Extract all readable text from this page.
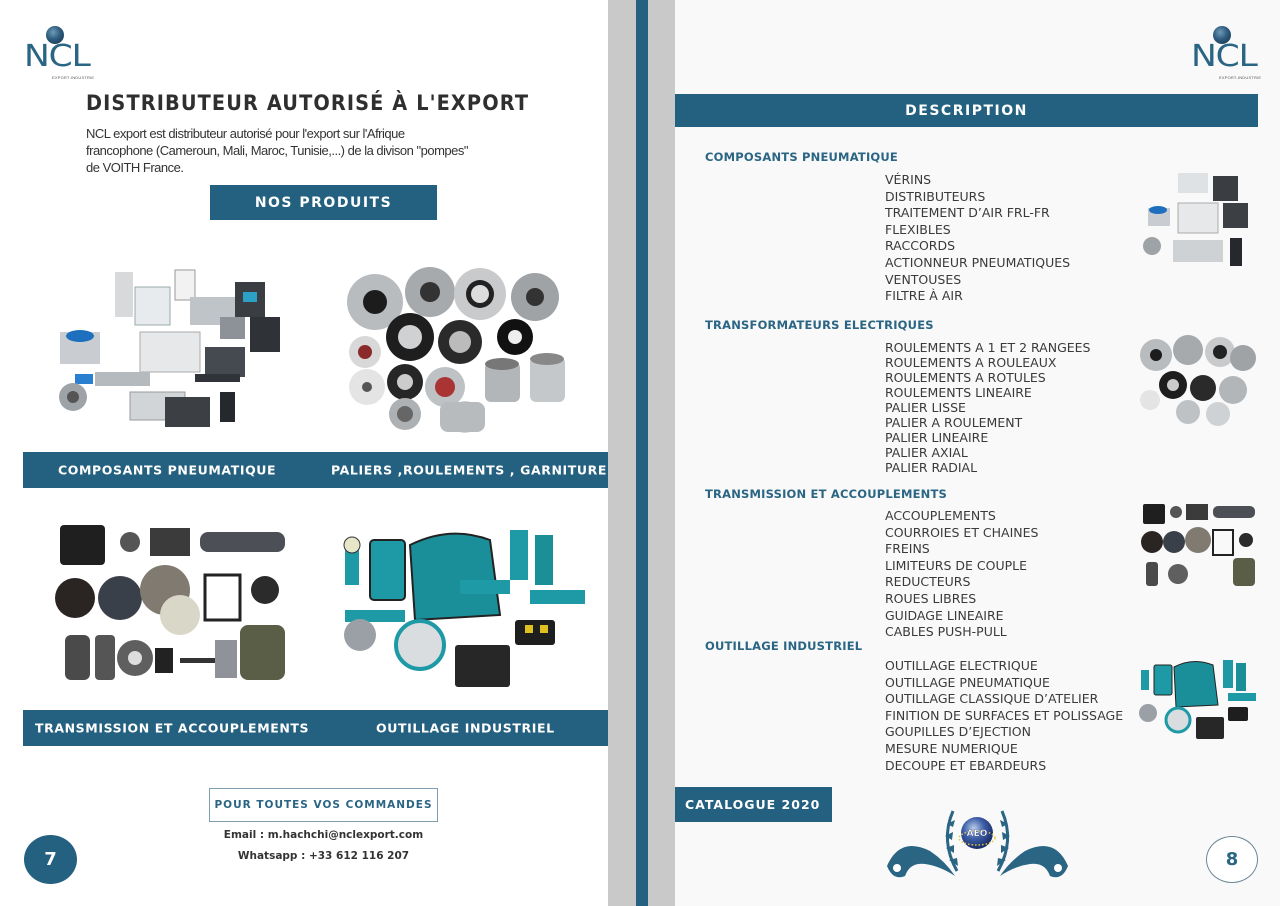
NCL
EXPORT-INDUSTRIE
DISTRIBUTEUR AUTORISÉ À L'EXPORT
NCL export est distributeur autorisé pour l'export sur l'Afrique
francophone (Cameroun, Mali, Maroc, Tunisie,...) de la divison "pompes"
de VOITH France.
NOS PRODUITS
COMPOSANTS PNEUMATIQUE	PALIERS ,ROULEMENTS , GARNITURE
TRANSMISSION ET ACCOUPLEMENTS	OUTILLAGE INDUSTRIEL
POUR TOUTES VOS COMMANDES
Email : m.hachchi@nclexport.com
Whatsapp : +33 612 116 207
7
NCL
EXPORT-INDUSTRIE
DESCRIPTION
COMPOSANTS PNEUMATIQUE
VÉRINS
DISTRIBUTEURS
TRAITEMENT D’AIR FRL-FR
FLEXIBLES
RACCORDS
ACTIONNEUR PNEUMATIQUES
VENTOUSES
FILTRE À AIR
TRANSFORMATEURS ELECTRIQUES
ROULEMENTS A 1 ET 2 RANGEES
ROULEMENTS A ROULEAUX
ROULEMENTS A ROTULES
ROULEMENTS LINEAIRE
PALIER LISSE
PALIER A ROULEMENT
PALIER LINEAIRE
PALIER AXIAL
PALIER RADIAL
TRANSMISSION ET ACCOUPLEMENTS
ACCOUPLEMENTS
COURROIES ET CHAINES
FREINS
LIMITEURS DE COUPLE
REDUCTEURS
ROUES LIBRES
GUIDAGE LINEAIRE
CABLES PUSH-PULL
OUTILLAGE INDUSTRIEL
OUTILLAGE ELECTRIQUE
OUTILLAGE PNEUMATIQUE
OUTILLAGE CLASSIQUE D’ATELIER
FINITION DE SURFACES ET POLISSAGE
GOUPILLES D’EJECTION
MESURE NUMERIQUE
DECOUPE ET EBARDEURS
CATALOGUE 2020
AEO
8
